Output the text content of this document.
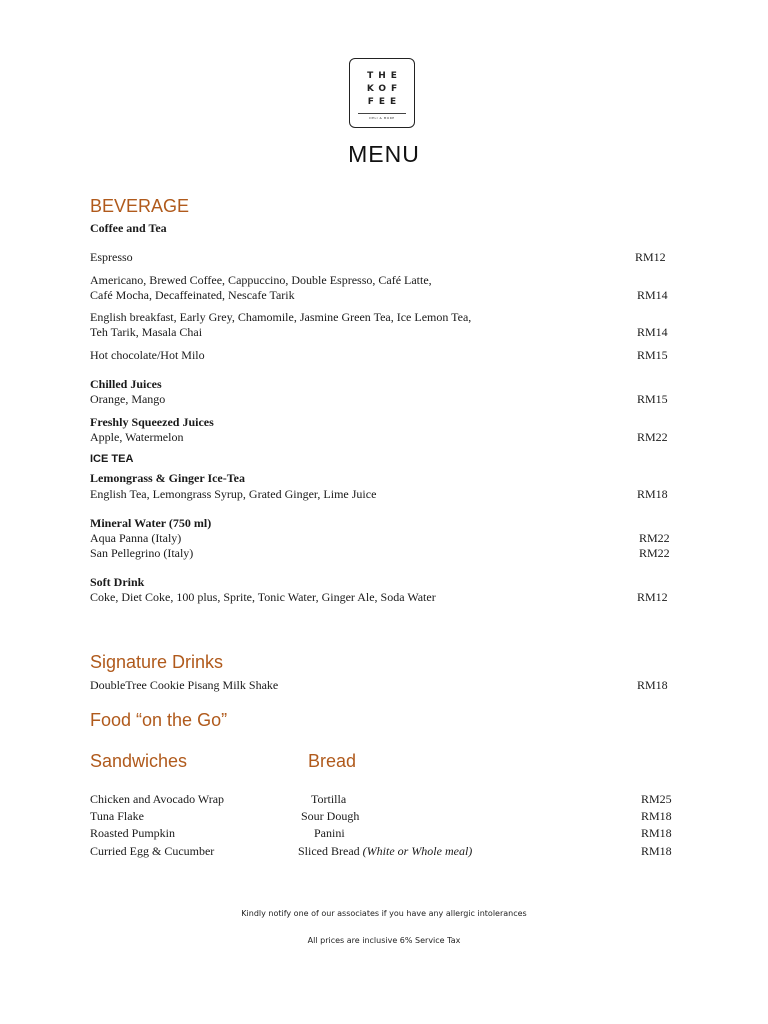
THE
KOF
FEE
DELI & MORE
MENU
BEVERAGE
Coffee and Tea
Espresso	RM12
Americano, Brewed Coffee, Cappuccino, Double Espresso, Café Latte,
Café Mocha, Decaffeinated, Nescafe Tarik	RM14
English breakfast, Early Grey, Chamomile, Jasmine Green Tea, Ice Lemon Tea,
Teh Tarik, Masala Chai	RM14
Hot chocolate/Hot Milo	RM15
Chilled Juices
Orange, Mango	RM15
Freshly Squeezed Juices
Apple, Watermelon	RM22
ICE TEA
Lemongrass & Ginger Ice-Tea
English Tea, Lemongrass Syrup, Grated Ginger, Lime Juice	RM18
Mineral Water (750 ml)
Aqua Panna (Italy)	RM22
San Pellegrino (Italy)	RM22
Soft Drink
Coke, Diet Coke, 100 plus, Sprite, Tonic Water, Ginger Ale, Soda Water	RM12
Signature Drinks
DoubleTree Cookie Pisang Milk Shake	RM18
Food “on the Go”
Sandwiches	Bread
Chicken and Avocado Wrap	Tortilla	RM25
Tuna Flake	Sour Dough	RM18
Roasted Pumpkin	Panini	RM18
Curried Egg & Cucumber	Sliced Bread (White or Whole meal)	RM18
Kindly notify one of our associates if you have any allergic intolerances
All prices are inclusive 6% Service Tax
